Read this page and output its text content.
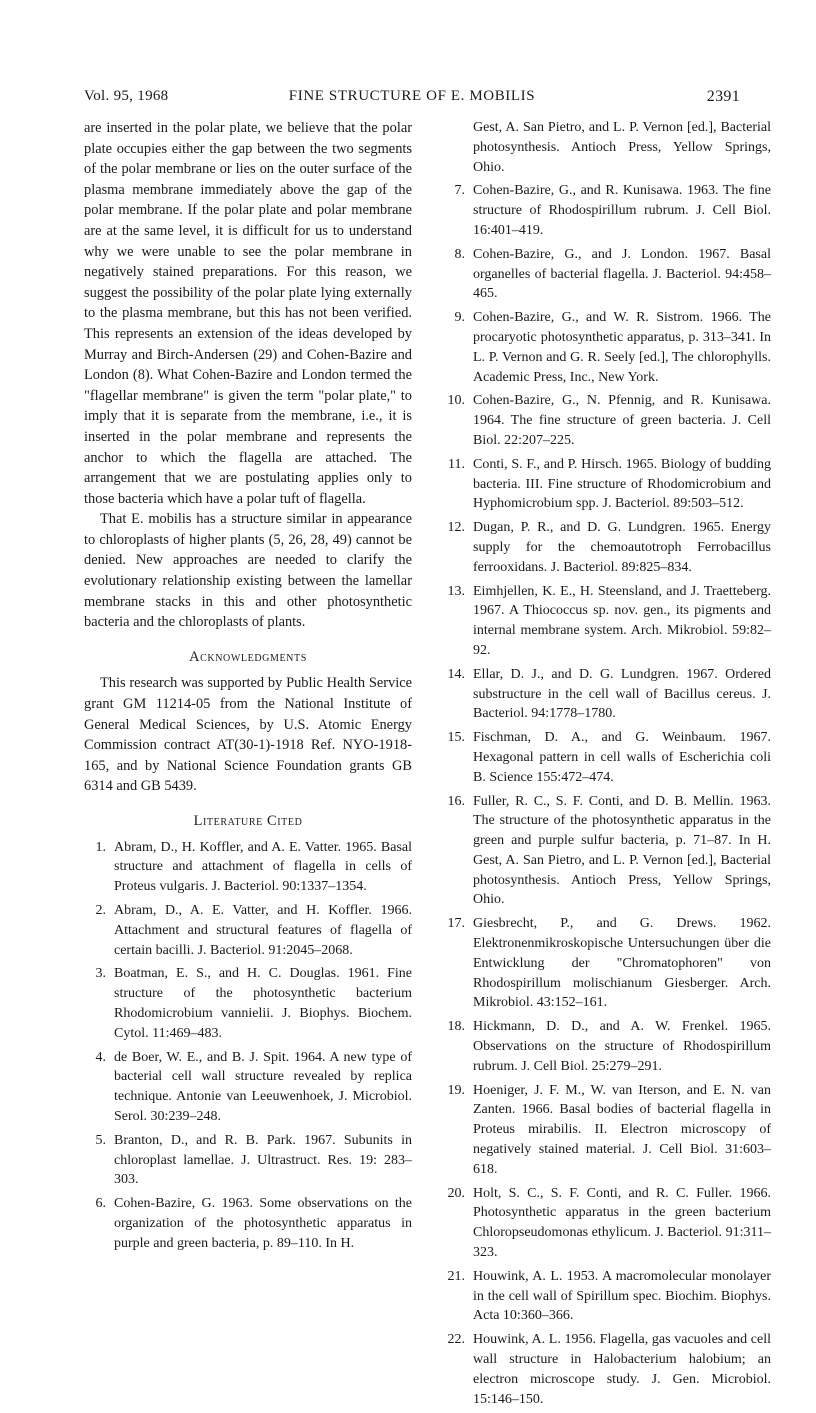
Vol. 95, 1968	FINE STRUCTURE OF E. MOBILIS	2391

are inserted in the polar plate, we believe that the polar plate occupies either the gap between the two segments of the polar membrane or lies on the outer surface of the plasma membrane immediately above the gap of the polar membrane. If the polar plate and polar membrane are at the same level, it is difficult for us to understand why we were unable to see the polar membrane in negatively stained preparations. For this reason, we suggest the possibility of the polar plate lying externally to the plasma membrane, but this has not been verified. This represents an extension of the ideas developed by Murray and Birch-Andersen (29) and Cohen-Bazire and London (8). What Cohen-Bazire and London termed the "flagellar membrane" is given the term "polar plate," to imply that it is separate from the membrane, i.e., it is inserted in the polar membrane and represents the anchor to which the flagella are attached. The arrangement that we are postulating applies only to those bacteria which have a polar tuft of flagella.

That E. mobilis has a structure similar in appearance to chloroplasts of higher plants (5, 26, 28, 49) cannot be denied. New approaches are needed to clarify the evolutionary relationship existing between the lamellar membrane stacks in this and other photosynthetic bacteria and the chloroplasts of plants.

Acknowledgments

This research was supported by Public Health Service grant GM 11214-05 from the National Institute of General Medical Sciences, by U.S. Atomic Energy Commission contract AT(30-1)-1918 Ref. NYO-1918-165, and by National Science Foundation grants GB 6314 and GB 5439.

Literature Cited
1 . Abram, D., H. Koffler, and A. E. Vatter. 1965. Basal structure and attachment of flagella in cells of Proteus vulgaris. J. Bacteriol. 90:1337–1354.
2 . Abram, D., A. E. Vatter, and H. Koffler. 1966. Attachment and structural features of flagella of certain bacilli. J. Bacteriol. 91:2045–2068.
3 . Boatman, E. S., and H. C. Douglas. 1961. Fine structure of the photosynthetic bacterium Rhodomicrobium vannielii. J. Biophys. Biochem. Cytol. 11:469–483.
4 . de Boer, W. E., and B. J. Spit. 1964. A new type of bacterial cell wall structure revealed by replica technique. Antonie van Leeuwenhoek, J. Microbiol. Serol. 30:239–248.
5 . Branton, D., and R. B. Park. 1967. Subunits in chloroplast lamellae. J. Ultrastruct. Res. 19: 283–303.
6 . Cohen-Bazire, G. 1963. Some observations on the organization of the photosynthetic apparatus in purple and green bacteria, p. 89–110. In H.
Gest, A. San Pietro, and L. P. Vernon [ed.], Bacterial photosynthesis. Antioch Press, Yellow Springs, Ohio.
7 . Cohen-Bazire, G., and R. Kunisawa. 1963. The fine structure of Rhodospirillum rubrum. J. Cell Biol. 16:401–419.
8 . Cohen-Bazire, G., and J. London. 1967. Basal organelles of bacterial flagella. J. Bacteriol. 94:458–465.
9 . Cohen-Bazire, G., and W. R. Sistrom. 1966. The procaryotic photosynthetic apparatus, p. 313–341. In L. P. Vernon and G. R. Seely [ed.], The chlorophylls. Academic Press, Inc., New York.
10 . Cohen-Bazire, G., N. Pfennig, and R. Kunisawa. 1964. The fine structure of green bacteria. J. Cell Biol. 22:207–225.
11 . Conti, S. F., and P. Hirsch. 1965. Biology of budding bacteria. III. Fine structure of Rhodomicrobium and Hyphomicrobium spp. J. Bacteriol. 89:503–512.
12 . Dugan, P. R., and D. G. Lundgren. 1965. Energy supply for the chemoautotroph Ferrobacillus ferrooxidans. J. Bacteriol. 89:825–834.
13 . Eimhjellen, K. E., H. Steensland, and J. Traetteberg. 1967. A Thiococcus sp. nov. gen., its pigments and internal membrane system. Arch. Mikrobiol. 59:82–92.
14 . Ellar, D. J., and D. G. Lundgren. 1967. Ordered substructure in the cell wall of Bacillus cereus. J. Bacteriol. 94:1778–1780.
15 . Fischman, D. A., and G. Weinbaum. 1967. Hexagonal pattern in cell walls of Escherichia coli B. Science 155:472–474.
16 . Fuller, R. C., S. F. Conti, and D. B. Mellin. 1963. The structure of the photosynthetic apparatus in the green and purple sulfur bacteria, p. 71–87. In H. Gest, A. San Pietro, and L. P. Vernon [ed.], Bacterial photosynthesis. Antioch Press, Yellow Springs, Ohio.
17 . Giesbrecht, P., and G. Drews. 1962. Elektronenmikroskopische Untersuchungen über die Entwicklung der "Chromatophoren" von Rhodospirillum molischianum Giesberger. Arch. Mikrobiol. 43:152–161.
18 . Hickmann, D. D., and A. W. Frenkel. 1965. Observations on the structure of Rhodospirillum rubrum. J. Cell Biol. 25:279–291.
19 . Hoeniger, J. F. M., W. van Iterson, and E. N. van Zanten. 1966. Basal bodies of bacterial flagella in Proteus mirabilis. II. Electron microscopy of negatively stained material. J. Cell Biol. 31:603–618.
20 . Holt, S. C., S. F. Conti, and R. C. Fuller. 1966. Photosynthetic apparatus in the green bacterium Chloropseudomonas ethylicum. J. Bacteriol. 91:311–323.
21 . Houwink, A. L. 1953. A macromolecular monolayer in the cell wall of Spirillum spec. Biochim. Biophys. Acta 10:360–366.
22 . Houwink, A. L. 1956. Flagella, gas vacuoles and cell wall structure in Halobacterium halobium; an electron microscope study. J. Gen. Microbiol. 15:146–150.
